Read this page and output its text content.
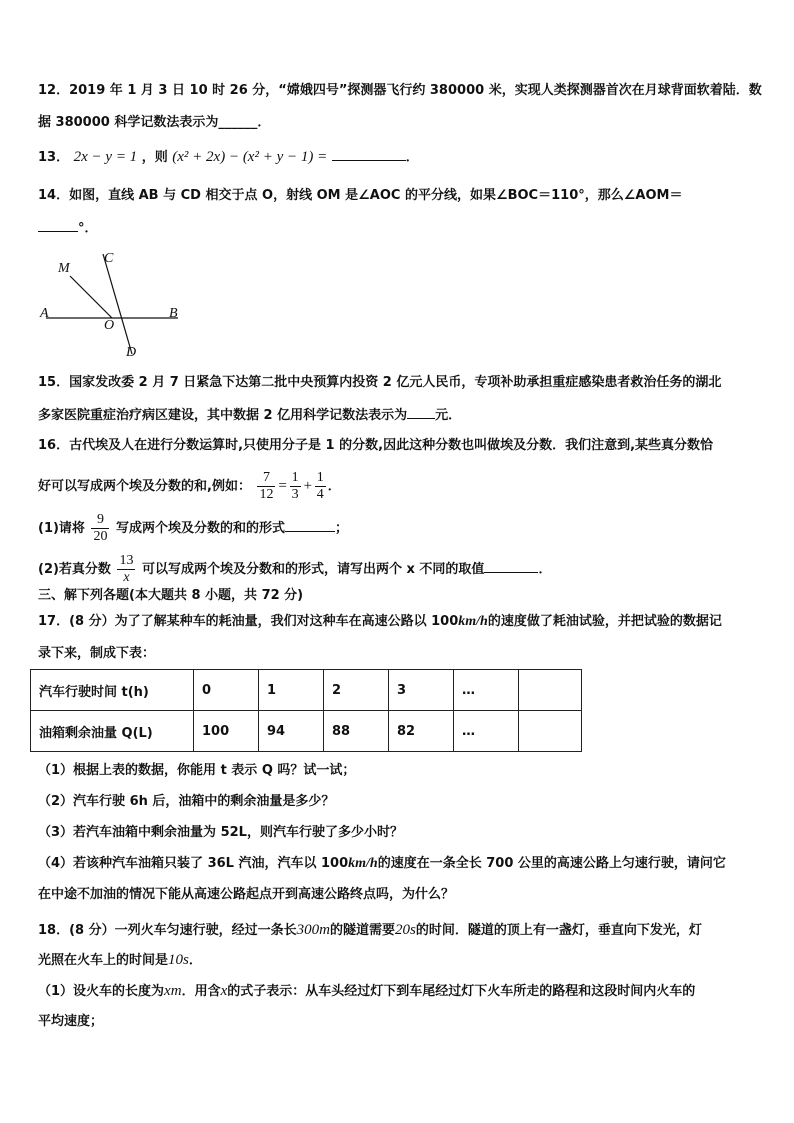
12．2019 年 1 月 3 日 10 时 26 分，“嫦娥四号”探测器飞行约 380000 米，实现人类探测器首次在月球背面软着陆．数
据 380000 科学记数法表示为______．
13． 2x − y = 1 ，则 (x² + 2x) − (x² + y − 1) =	．
14．如图，直线 AB 与 CD 相交于点 O，射线 OM 是∠AOC 的平分线，如果∠BOC＝110°，那么∠AOM＝
°．
M
C
A
O
B
D
15．国家发改委 2 月 7 日紧急下达第二批中央预算内投资 2 亿元人民币，专项补助承担重症感染患者救治任务的湖北
多家医院重症治疗病区建设，其中数据 2 亿用科学记数法表示为 元．
16．古代埃及人在进行分数运算时,只使用分子是 1 的分数,因此这种分数也叫做埃及分数．我们注意到,某些真分数恰
好可以写成两个埃及分数的和,例如： $\frac{7}{12} = \frac{1}{3} + \frac{1}{4}$ ．
(1)请将 $\frac{9}{20}$ 写成两个埃及分数的和的形式	；
(2)若真分数 $\frac{13}{x}$ 可以写成两个埃及分数和的形式，请写出两个 x 不同的取值	．
三、解下列各题(本大题共 8 小题，共 72 分)
17．(8 分）为了了解某种车的耗油量，我们对这种车在高速公路以 100km/h的速度做了耗油试验，并把试验的数据记
录下来，制成下表：
汽车行驶时间 t(h)	0	1	2	3	…	
油箱剩余油量 Q(L)	100	94	88	82	…	
（1）根据上表的数据，你能用 t 表示 Q 吗？试一试；
（2）汽车行驶 6h 后，油箱中的剩余油量是多少？
（3）若汽车油箱中剩余油量为 52L，则汽车行驶了多少小时？
（4）若该种汽车油箱只装了 36L 汽油，汽车以 100km/h的速度在一条全长 700 公里的高速公路上匀速行驶，请问它
在中途不加油的情况下能从高速公路起点开到高速公路终点吗，为什么？
18．(8 分）一列火车匀速行驶，经过一条长300m的隧道需要20s的时间．隧道的顶上有一盏灯，垂直向下发光，灯
光照在火车上的时间是10s．
（1）设火车的长度为xm．用含x的式子表示：从车头经过灯下到车尾经过灯下火车所走的路程和这段时间内火车的
平均速度；
